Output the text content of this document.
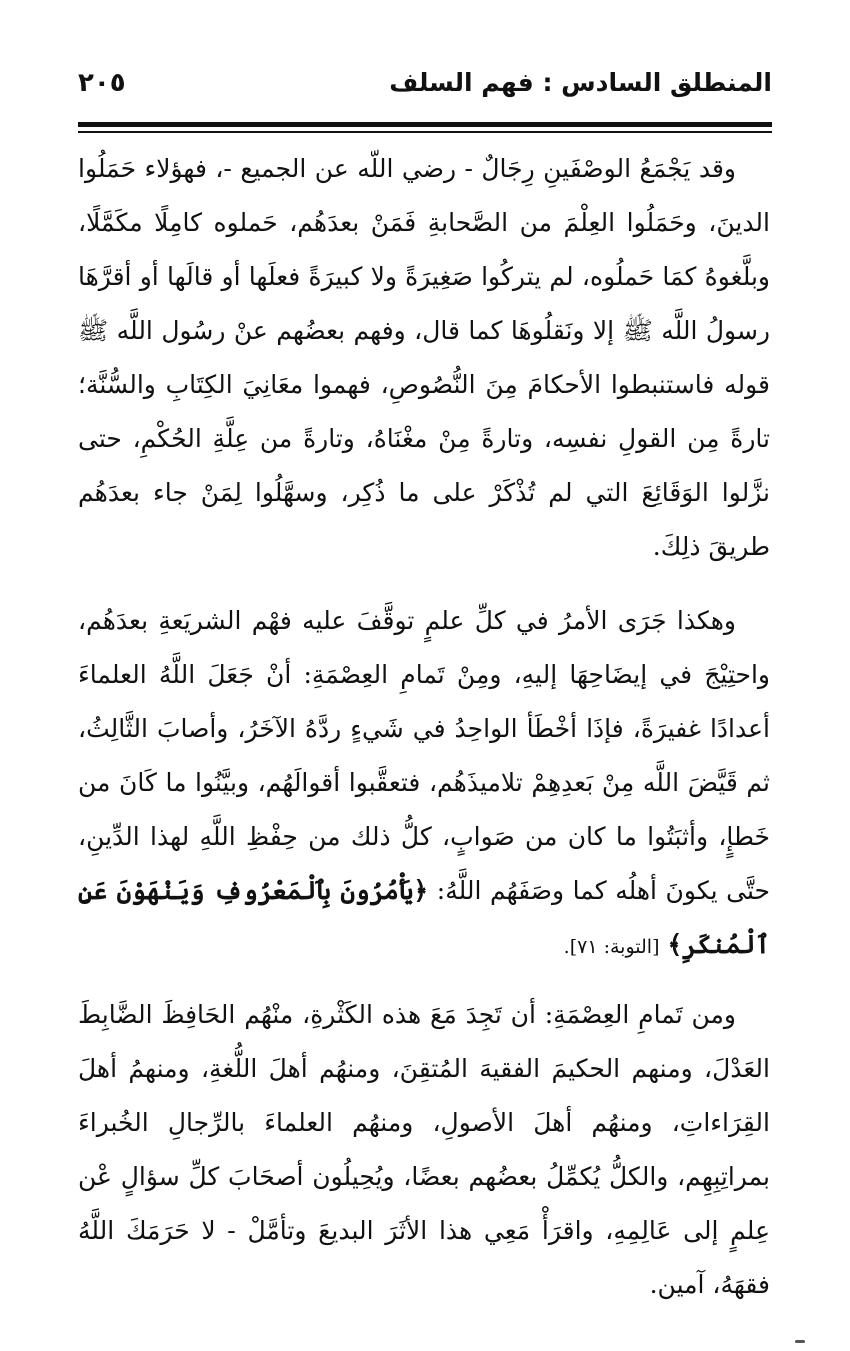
المنطلق السادس : فهم السلف
٢٠٥

وقد يَجْمَعُ الوصْفَينِ رِجَالٌ - رضي اللّه عن الجميع -، فهؤلاء حَمَلُوا الدينَ، وحَمَلُوا العِلْمَ من الصَّحابةِ فَمَنْ بعدَهُم، حَملوه كامِلًا مكَمَّلًا، وبلَّغوهُ كمَا حَملُوه، لم يتركُوا صَغِيرَةً ولا كبيرَةً فعلَها أو قالَها أو أقرَّهَا رسولُ اللَّه ﷺ إلا ونَقلُوهَا كما قال، وفهم بعضُهم عنْ رسُول اللَّه ﷺ قوله فاستنبطوا الأحكامَ مِنَ النُّصُوصِ، فهموا معَانِيَ الكِتَابِ والسُّنَّة؛ تارةً مِن القولِ نفسِه، وتارةً مِنْ مغْنَاهُ، وتارةً من عِلَّةِ الحُكْمِ، حتى نزَّلوا الوَقَائِعَ التي لم تُذْكَرْ على ما ذُكِر، وسهَّلُوا لِمَنْ جاء بعدَهُم طريقَ ذلِكَ.

وهكذا جَرَى الأمرُ في كلِّ علمٍ توقَّفَ عليه فهْم الشريَعةِ بعدَهُم، واحتِيْجَ في إيضَاحِهَا إليهِ، ومِنْ تَمامِ العِصْمَةِ: أنْ جَعَلَ اللَّهُ العلماءَ أعدادًا غفيرَةً، فإذَا أخْطَأ الواحِدُ في شَيءٍ ردَّهُ الآخَرُ، وأصابَ الثَّالِثُ، ثم قَيَّضَ اللَّه مِنْ بَعدِهِمْ تلاميذَهُم، فتعقَّبوا أقوالَهُم، وبيَّنُوا ما كَانَ من خَطإٍ، وأثبَتُوا ما كان من صَوابٍ، كلُّ ذلك من حِفْظِ اللَّهِ لهذا الدِّينِ، حتَّى يكونَ أهلُه كما وصَفَهُم اللَّهُ: ﴿يَأْمُرُونَ بِٱلْمَعْرُوفِ وَيَنْهَوْنَ عَنِ ٱلْمُنكَرِ﴾ [التوبة: ٧١].

ومن تَمامِ العِصْمَةِ: أن تَجِدَ مَعَ هذه الكَثْرةِ، منْهُم الحَافِظَ الضَّابِطَ العَدْلَ، ومنهم الحكيمَ الفقيهَ المُتقِنَ، ومنهُم أهلَ اللُّغةِ، ومنهمُ أهلَ القِرَاءاتِ، ومنهُم أهلَ الأصولِ، ومنهُم العلماءَ بالرِّجالِ الخُبراءَ بمراتِبِهِم، والكلُّ يُكمِّلُ بعضُهم بعضًا، ويُحِيلُون أصحَابَ كلِّ سؤالٍ عْن عِلمٍ إلى عَالِمِهِ، واقرَأْ مَعِي هذا الأثَرَ البديعَ وتأمَّلْ - لا حَرَمَكَ اللَّهُ فقهَهُ، آمين.
